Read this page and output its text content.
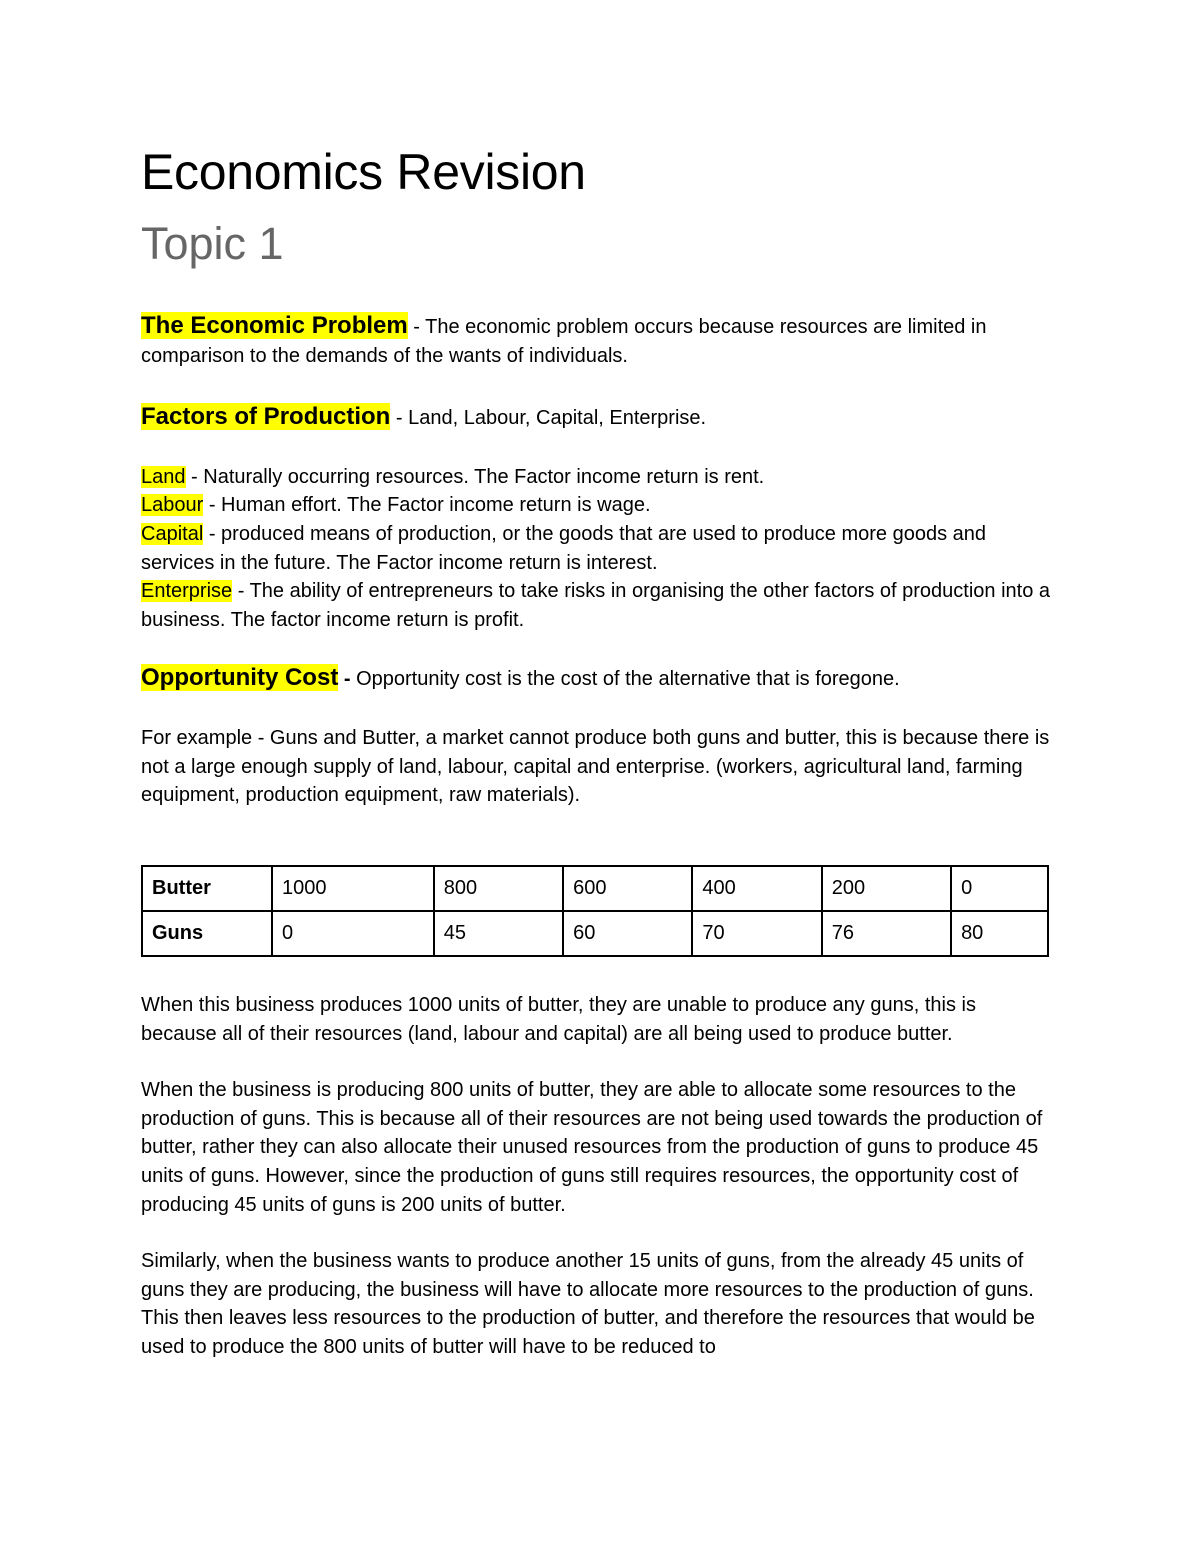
Economics Revision
Topic 1

The Economic Problem - The economic problem occurs because resources are limited in comparison to the demands of the wants of individuals.

Factors of Production - Land, Labour, Capital, Enterprise.

Land - Naturally occurring resources. The Factor income return is rent.
Labour - Human effort. The Factor income return is wage.
Capital - produced means of production, or the goods that are used to produce more goods and services in the future. The Factor income return is interest.
Enterprise - The ability of entrepreneurs to take risks in organising the other factors of production into a business. The factor income return is profit.

Opportunity Cost - Opportunity cost is the cost of the alternative that is foregone.

For example - Guns and Butter, a market cannot produce both guns and butter, this is because there is not a large enough supply of land, labour, capital and enterprise. (workers, agricultural land, farming equipment, production equipment, raw materials).

Butter	1000	800	600	400	200	0
Guns	0	45	60	70	76	80

When this business produces 1000 units of butter, they are unable to produce any guns, this is because all of their resources (land, labour and capital) are all being used to produce butter.

When the business is producing 800 units of butter, they are able to allocate some resources to the production of guns. This is because all of their resources are not being used towards the production of butter, rather they can also allocate their unused resources from the production of guns to produce 45 units of guns. However, since the production of guns still requires resources, the opportunity cost of producing 45 units of guns is 200 units of butter.

Similarly, when the business wants to produce another 15 units of guns, from the already 45 units of guns they are producing, the business will have to allocate more resources to the production of guns. This then leaves less resources to the production of butter, and therefore the resources that would be used to produce the 800 units of butter will have to be reduced to
